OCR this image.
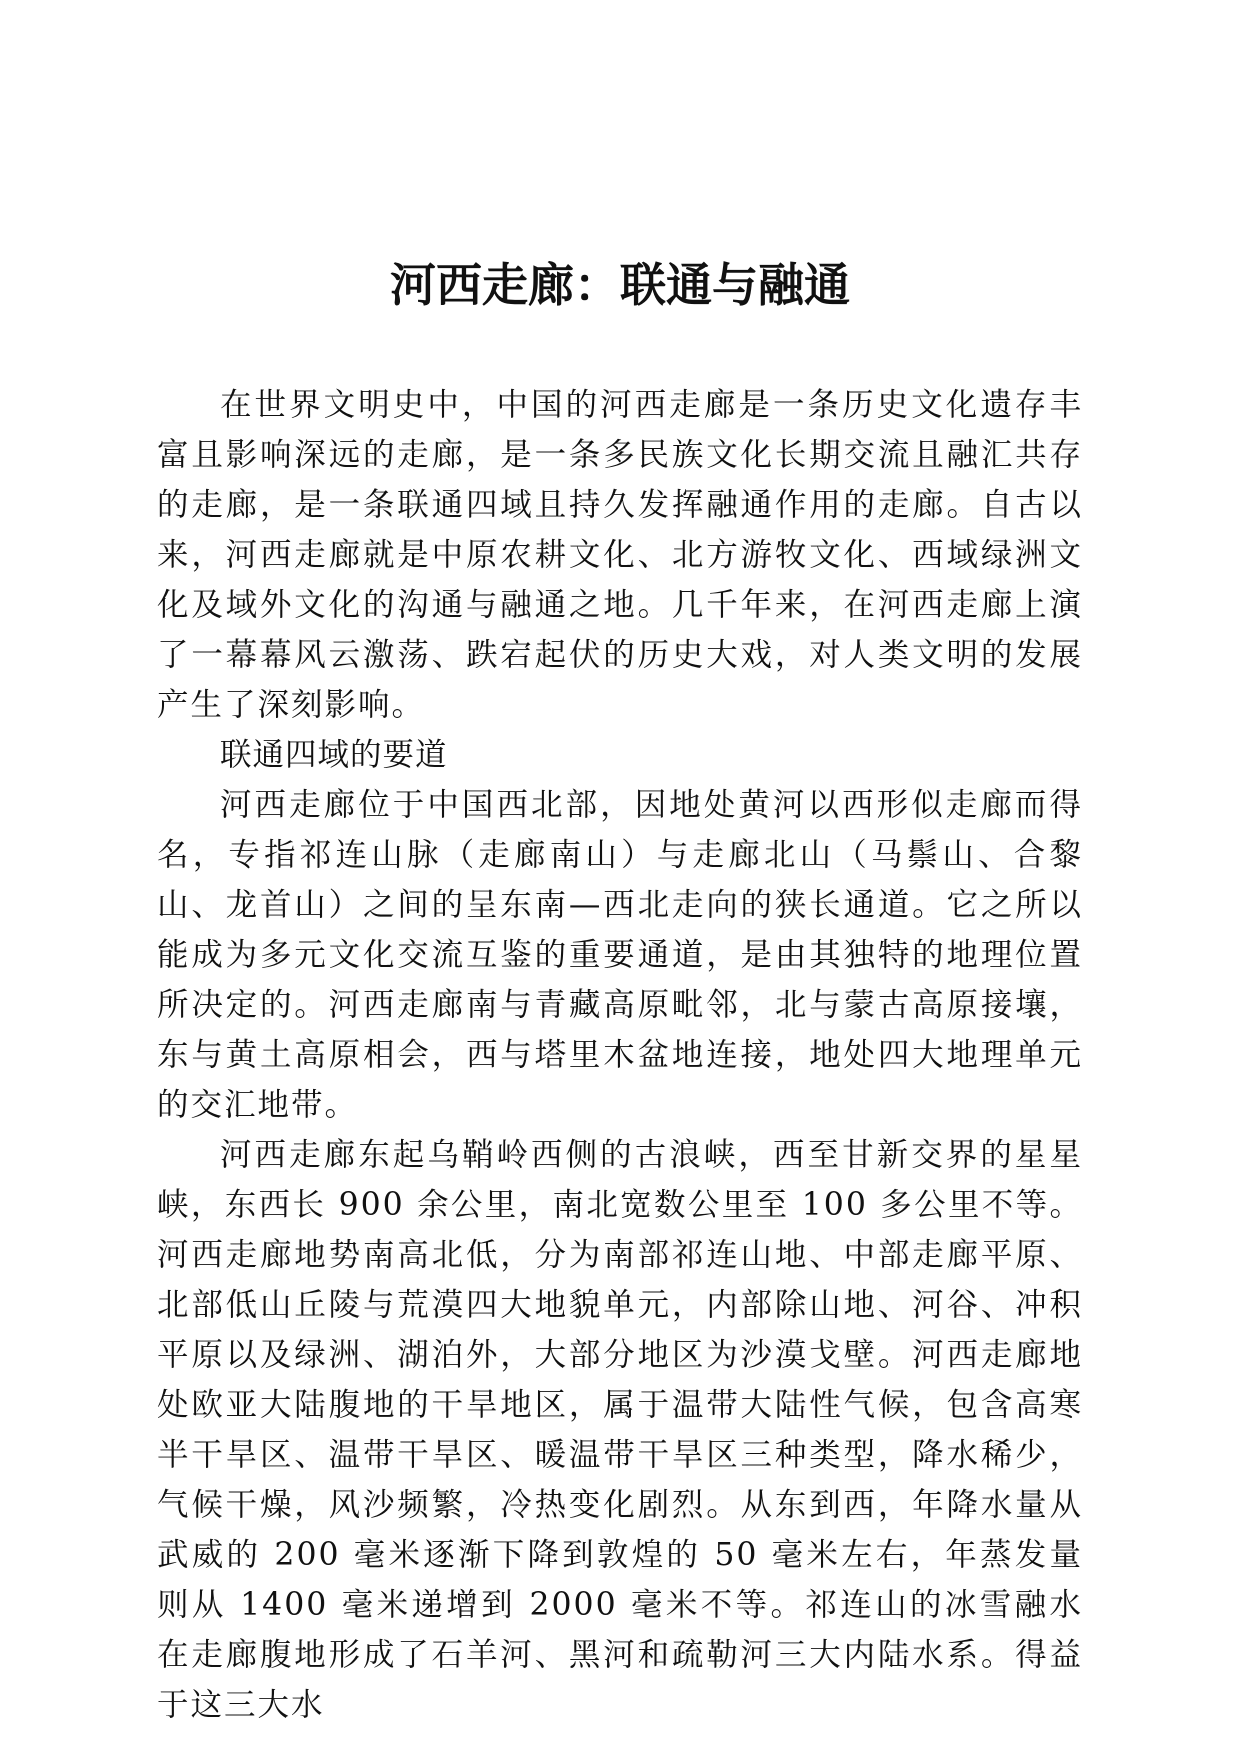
河西走廊：联通与融通

在世界文明史中，中国的河西走廊是一条历史文化遗存丰富且影响深远的走廊，是一条多民族文化长期交流且融汇共存的走廊，是一条联通四域且持久发挥融通作用的走廊。自古以来，河西走廊就是中原农耕文化、北方游牧文化、西域绿洲文化及域外文化的沟通与融通之地。几千年来，在河西走廊上演了一幕幕风云激荡、跌宕起伏的历史大戏，对人类文明的发展产生了深刻影响。

联通四域的要道

河西走廊位于中国西北部，因地处黄河以西形似走廊而得名，专指祁连山脉（走廊南山）与走廊北山（马鬃山、合黎山、龙首山）之间的呈东南—西北走向的狭长通道。它之所以能成为多元文化交流互鉴的重要通道，是由其独特的地理位置所决定的。河西走廊南与青藏高原毗邻，北与蒙古高原接壤，东与黄土高原相会，西与塔里木盆地连接，地处四大地理单元的交汇地带。

河西走廊东起乌鞘岭西侧的古浪峡，西至甘新交界的星星峡，东西长 900 余公里，南北宽数公里至 100 多公里不等。河西走廊地势南高北低，分为南部祁连山地、中部走廊平原、北部低山丘陵与荒漠四大地貌单元，内部除山地、河谷、冲积平原以及绿洲、湖泊外，大部分地区为沙漠戈壁。河西走廊地处欧亚大陆腹地的干旱地区，属于温带大陆性气候，包含高寒半干旱区、温带干旱区、暖温带干旱区三种类型，降水稀少，气候干燥，风沙频繁，冷热变化剧烈。从东到西，年降水量从武威的 200 毫米逐渐下降到敦煌的 50 毫米左右，年蒸发量则从 1400 毫米递增到 2000 毫米不等。祁连山的冰雪融水在走廊腹地形成了石羊河、黑河和疏勒河三大内陆水系。得益于这三大水
